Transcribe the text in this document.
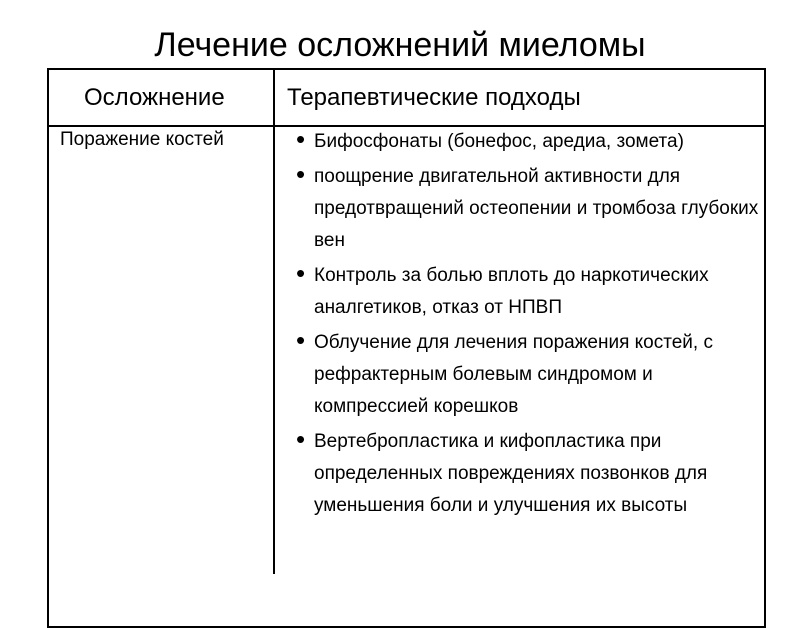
Лечение осложнений миеломы
Осложнение	Терапевтические подходы
Поражение костей	• Бифосфонаты (бонефос, аредиа, зомета)
• поощрение двигательной активности для предотвращений остеопении и тромбоза глубоких вен
• Контроль за болью вплоть до наркотических аналгетиков, отказ от НПВП
• Облучение для лечения поражения костей, с рефрактерным болевым синдромом и компрессией корешков
• Вертебропластика и кифопластика при определенных повреждениях позвонков для уменьшения боли и улучшения их высоты
